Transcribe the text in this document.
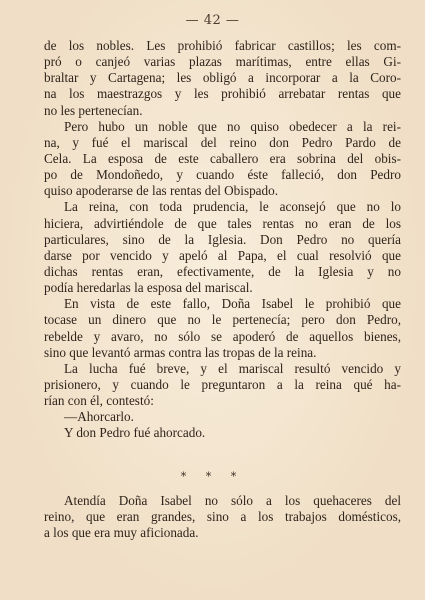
— 42 —
de los nobles. Les prohibió fabricar castillos; les com-
pró o canjeó varias plazas marítimas, entre ellas Gi-
braltar y Cartagena; les obligó a incorporar a la Coro-
na los maestrazgos y les prohibió arrebatar rentas que
no les pertenecían.
Pero hubo un noble que no quiso obedecer a la rei-
na, y fué el mariscal del reino don Pedro Pardo de
Cela. La esposa de este caballero era sobrina del obis-
po de Mondoñedo, y cuando éste falleció, don Pedro
quiso apoderarse de las rentas del Obispado.
La reina, con toda prudencia, le aconsejó que no lo
hiciera, advirtiéndole de que tales rentas no eran de los
particulares, sino de la Iglesia. Don Pedro no quería
darse por vencido y apeló al Papa, el cual resolvió que
dichas rentas eran, efectivamente, de la Iglesia y no
podía heredarlas la esposa del mariscal.
En vista de este fallo, Doña Isabel le prohibió que
tocase un dinero que no le pertenecía; pero don Pedro,
rebelde y avaro, no sólo se apoderó de aquellos bienes,
sino que levantó armas contra las tropas de la reina.
La lucha fué breve, y el mariscal resultó vencido y
prisionero, y cuando le preguntaron a la reina qué ha-
rían con él, contestó:
—Ahorcarlo.
Y don Pedro fué ahorcado.
* * *
Atendía Doña Isabel no sólo a los quehaceres del
reino, que eran grandes, sino a los trabajos domésticos,
a los que era muy aficionada.
